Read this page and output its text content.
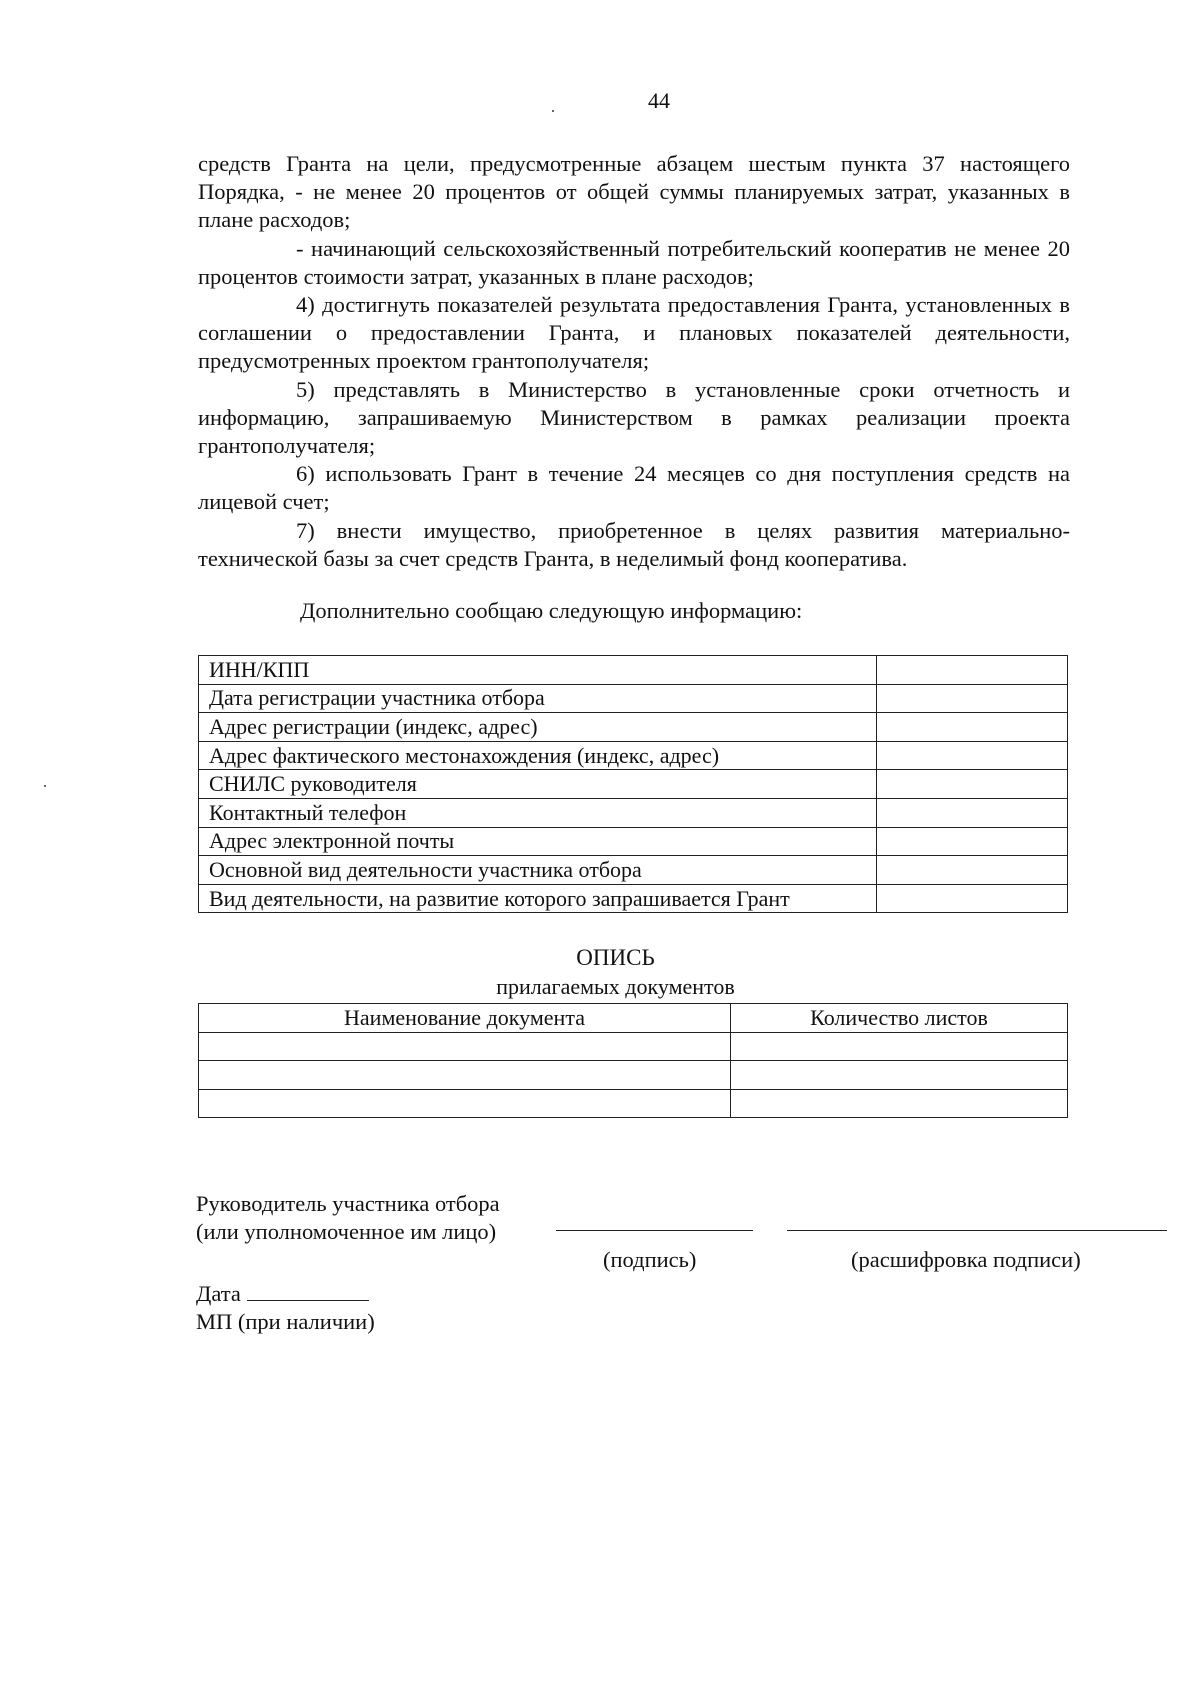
44

средств Гранта на цели, предусмотренные абзацем шестым пункта 37 настоящего Порядка, - не менее 20 процентов от общей суммы планируемых затрат, указанных в плане расходов;

- начинающий сельскохозяйственный потребительский кооператив не менее 20 процентов стоимости затрат, указанных в плане расходов;

4) достигнуть показателей результата предоставления Гранта, установленных в соглашении о предоставлении Гранта, и плановых показателей деятельности, предусмотренных проектом грантополучателя;

5) представлять в Министерство в установленные сроки отчетность и информацию, запрашиваемую Министерством в рамках реализации проекта грантополучателя;

6) использовать Грант в течение 24 месяцев со дня поступления средств на лицевой счет;

7) внести имущество, приобретенное в целях развития материально-технической базы за счет средств Гранта, в неделимый фонд кооператива.

Дополнительно сообщаю следующую информацию:
ИНН/КПП	
Дата регистрации участника отбора	
Адрес регистрации (индекс, адрес)	
Адрес фактического местонахождения (индекс, адрес)	
СНИЛС руководителя	
Контактный телефон	
Адрес электронной почты	
Основной вид деятельности участника отбора	
Вид деятельности, на развитие которого запрашивается Грант	
ОПИСЬ
прилагаемых документов
Наименование документа	Количество листов

Руководитель участника отбора
(или уполномоченное им лицо)
(подпись)	(расшифровка подписи)
Дата
МП (при наличии)
